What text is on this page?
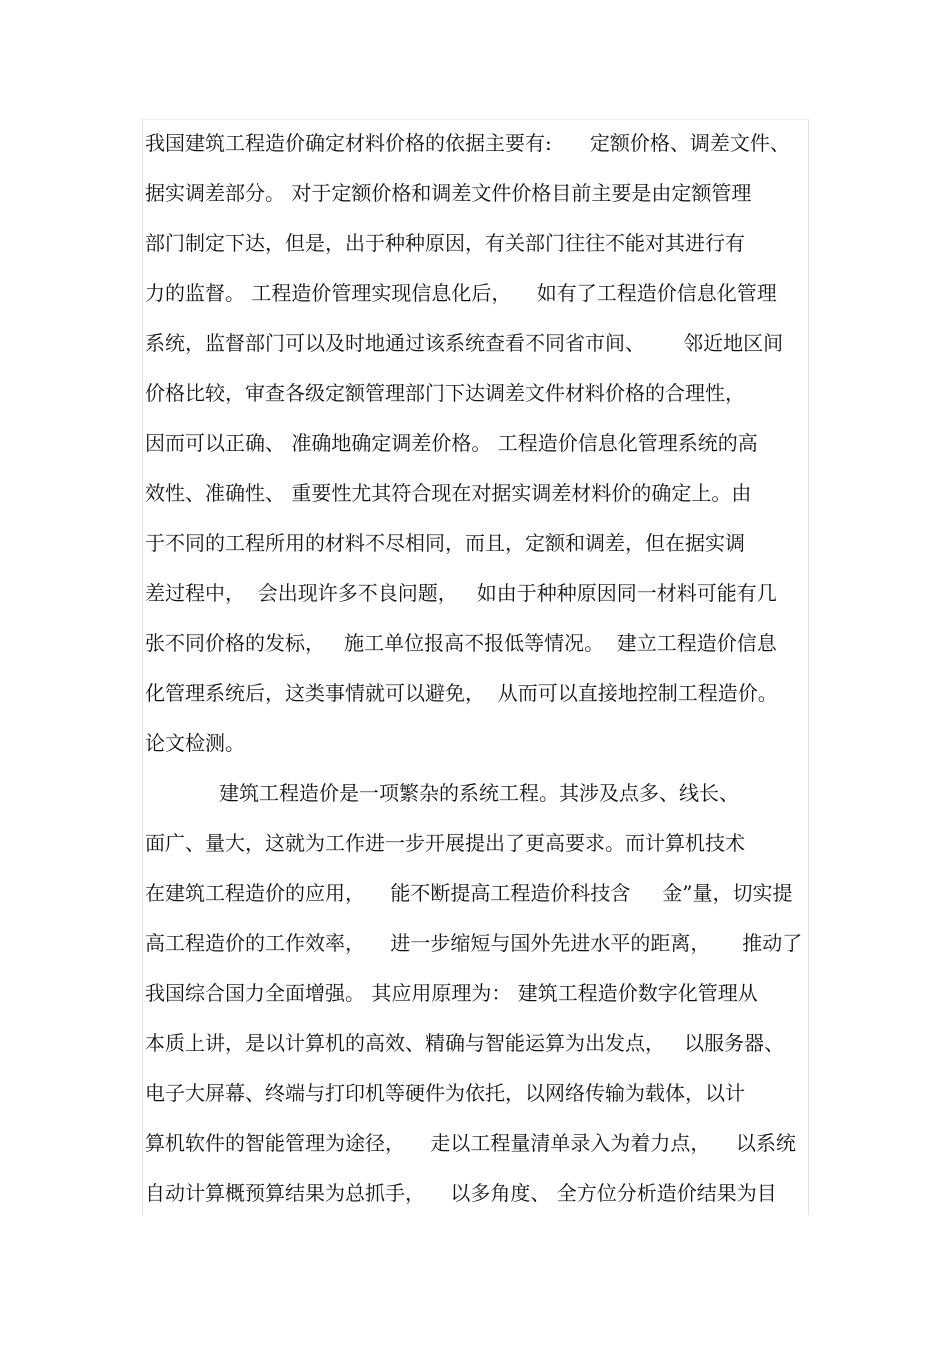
我国建筑工程造价确定材料价格的依据主要有:      定额价格、调差文件、
据实调差部分。 对于定额价格和调差文件价格目前主要是由定额管理
部门制定下达，但是，出于种种原因，有关部门往往不能对其进行有
力的监督。 工程造价管理实现信息化后，    如有了工程造价信息化管理
系统，监督部门可以及时地通过该系统查看不同省市间、      邻近地区间
价格比较，审查各级定额管理部门下达调差文件材料价格的合理性，
因而可以正确、 准确地确定调差价格。 工程造价信息化管理系统的高
效性、准确性、 重要性尤其符合现在对据实调差材料价的确定上。由
于不同的工程所用的材料不尽相同，而且，定额和调差，但在据实调
差过程中，  会出现许多不良问题，   如由于种种原因同一材料可能有几
张不同价格的发标，   施工单位报高不报低等情况。  建立工程造价信息
化管理系统后，这类事情就可以避免，  从而可以直接地控制工程造价。
论文检测。
建筑工程造价是一项繁杂的系统工程。其涉及点多、线长、
面广、量大，这就为工作进一步开展提出了更高要求。而计算机技术
在建筑工程造价的应用，    能不断提高工程造价科技含     金”量，切实提
高工程造价的工作效率，    进一步缩短与国外先进水平的距离，     推动了
我国综合国力全面增强。 其应用原理为： 建筑工程造价数字化管理从
本质上讲，是以计算机的高效、精确与智能运算为出发点，   以服务器、
电子大屏幕、终端与打印机等硬件为依托，以网络传输为载体，以计
算机软件的智能管理为途径，    走以工程量清单录入为着力点，    以系统
自动计算概预算结果为总抓手，    以多角度、 全方位分析造价结果为目
